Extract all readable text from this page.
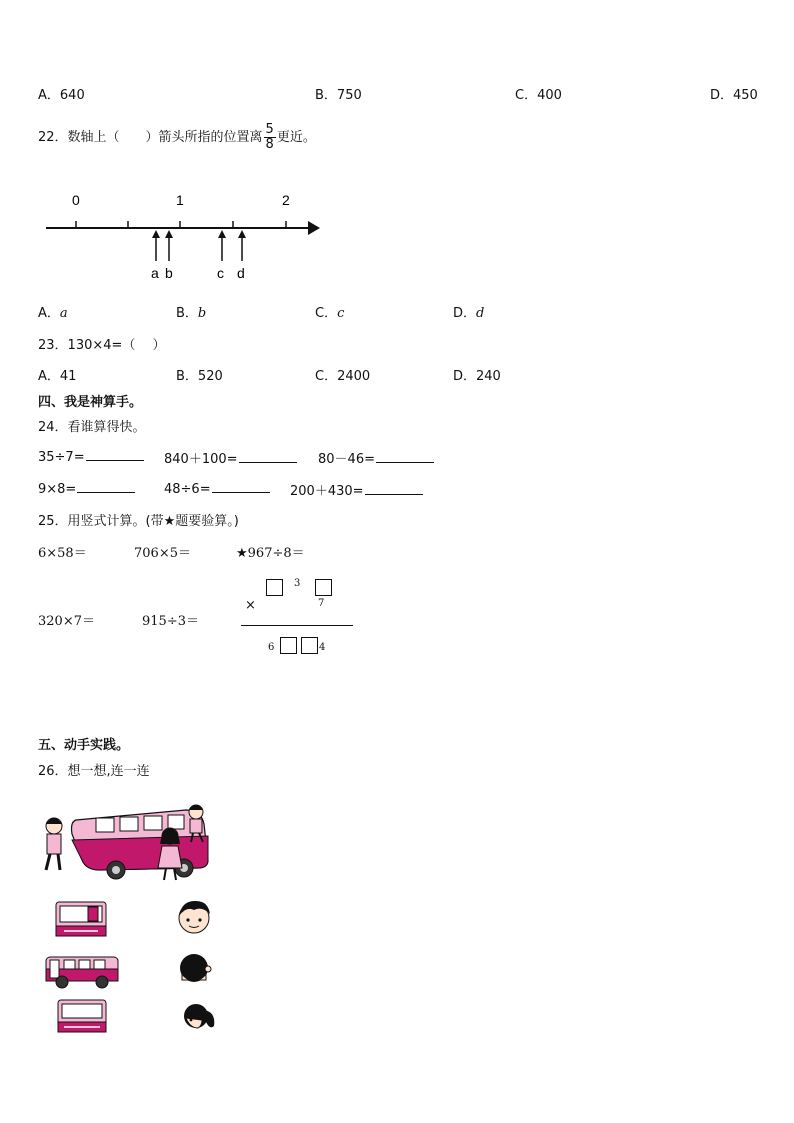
A．640	B．750	C．400	D．450
22．数轴上（　　）箭头所指的位置离 $\frac{5}{8}$ 更近。
0	1	2
a b	c d
A．a	B．b	C．c	D．d
23．130×4=（　 ）
A．41	B．520	C．2400	D．240
四、我是神算手。
24．看谁算得快。
35÷7=	840＋100=	80－46=
9×8=	48÷6=	200＋430=
25．用竖式计算。(带★题要验算。)
6×58＝	706×5＝	★967÷8＝
320×7＝	915÷3＝
3
×	7
6	4
五、动手实践。
26．想一想,连一连
